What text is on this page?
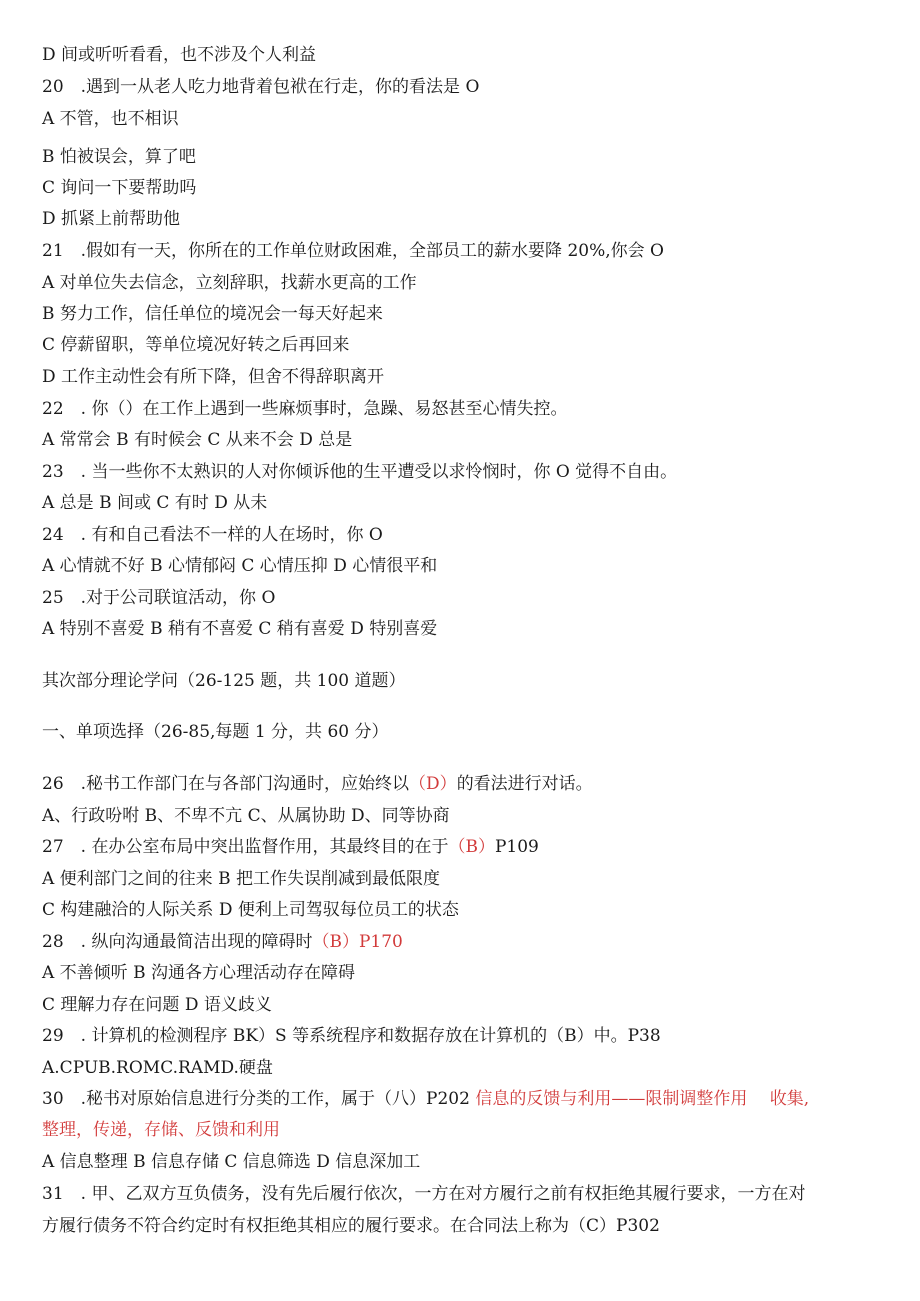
D 间或听听看看，也不涉及个人利益
20　.遇到一从老人吃力地背着包袱在行走，你的看法是 O
A 不管，也不相识
B 怕被误会，算了吧
C 询问一下要帮助吗
D 抓紧上前帮助他
21　.假如有一天，你所在的工作单位财政困难，全部员工的薪水要降 20%,你会 O
A 对单位失去信念，立刻辞职，找薪水更高的工作
B 努力工作，信任单位的境况会一每天好起来
C 停薪留职，等单位境况好转之后再回来
D 工作主动性会有所下降，但舍不得辞职离开
22　. 你（）在工作上遇到一些麻烦事时，急躁、易怒甚至心情失控。
A 常常会 B 有时候会 C 从来不会 D 总是
23　. 当一些你不太熟识的人对你倾诉他的生平遭受以求怜悯时，你 O 觉得不自由。
A 总是 B 间或 C 有时 D 从未
24　. 有和自己看法不一样的人在场时，你 O
A 心情就不好 B 心情郁闷 C 心情压抑 D 心情很平和
25　.对于公司联谊活动，你 O
A 特别不喜爱 B 稍有不喜爱 C 稍有喜爱 D 特别喜爱
其次部分理论学问（26-125 题，共 100 道题）
一、单项选择（26-85,每题 1 分，共 60 分）
26　.秘书工作部门在与各部门沟通时，应始终以（D）的看法进行对话。
A、行政吩咐 B、不卑不亢 C、从属协助 D、同等协商
27　. 在办公室布局中突出监督作用，其最终目的在于（B）P109
A 便利部门之间的往来 B 把工作失误削减到最低限度
C 构建融洽的人际关系 D 便利上司驾驭每位员工的状态
28　. 纵向沟通最简洁出现的障碍时（B）P170
A 不善倾听 B 沟通各方心理活动存在障碍
C 理解力存在问题 D 语义歧义
29　. 计算机的检测程序 BK）S 等系统程序和数据存放在计算机的（B）中。P38
A.CPUB.ROMC.RAMD.硬盘
30　.秘书对原始信息进行分类的工作，属于（八）P202 信息的反馈与利用——限制调整作用　 收集,
整理，传递，存储、反馈和利用
A 信息整理 B 信息存储 C 信息筛选 D 信息深加工
31　. 甲、乙双方互负债务，没有先后履行依次，一方在对方履行之前有权拒绝其履行要求，一方在对
方履行债务不符合约定时有权拒绝其相应的履行要求。在合同法上称为（C）P302
